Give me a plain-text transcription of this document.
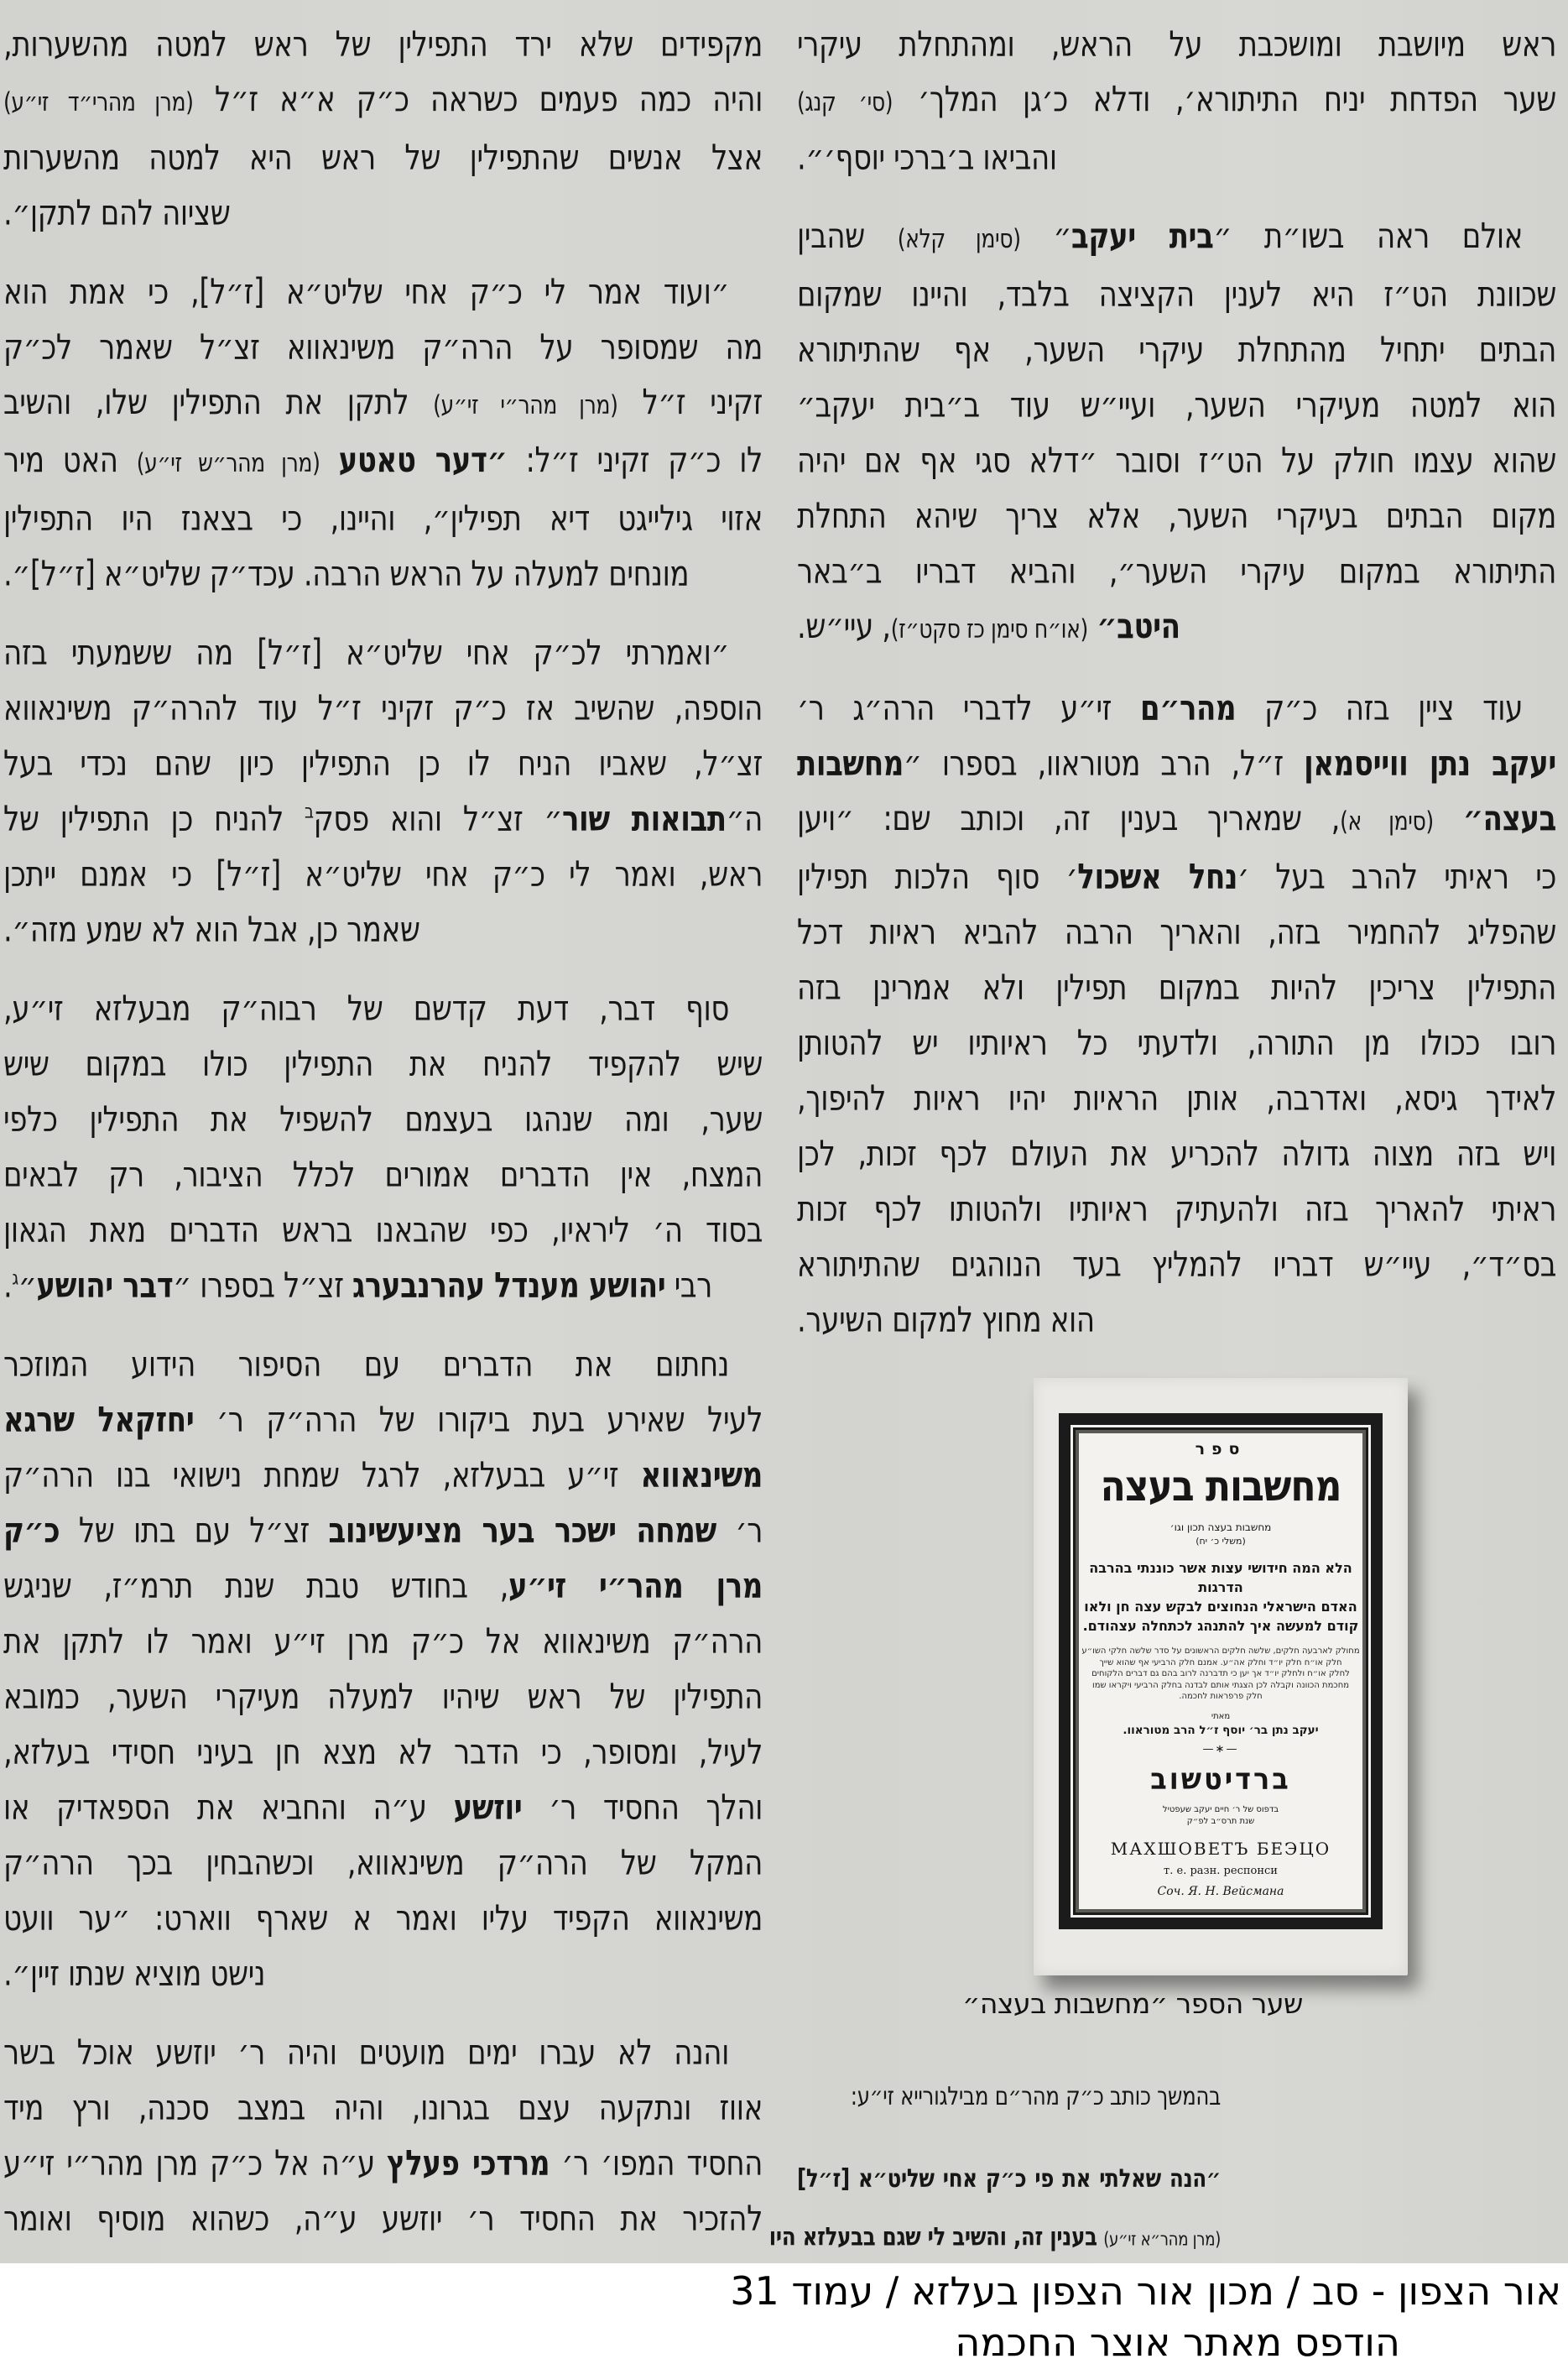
מקפידים שלא ירד התפילין של ראש למטה מהשערות,
והיה כמה פעמים כשראה כ״ק א״א ז״ל (מרן מהרי״ד זי״ע)
אצל אנשים שהתפילין של ראש היא למטה מהשערות
שציוה להם לתקן״.
״ועוד אמר לי כ״ק אחי שליט״א [ז״ל], כי אמת הוא
מה שמסופר על הרה״ק משינאווא זצ״ל שאמר לכ״ק
זקיני ז״ל (מרן מהר״י זי״ע) לתקן את התפילין שלו, והשיב
לו כ״ק זקיני ז״ל: ״דער טאטע (מרן מהר״ש זי״ע) האט מיר
אזוי גילייגט דיא תפילין״, והיינו, כי בצאנז היו התפילין
מונחים למעלה על הראש הרבה. עכד״ק שליט״א [ז״ל]״.
״ואמרתי לכ״ק אחי שליט״א [ז״ל] מה ששמעתי בזה
הוספה, שהשיב אז כ״ק זקיני ז״ל עוד להרה״ק משינאווא
זצ״ל, שאביו הניח לו כן התפילין כיון שהם נכדי בעל
ה״תבואות שור״ זצ״ל והוא פסק$^ב$ להניח כן התפילין של
ראש, ואמר לי כ״ק אחי שליט״א [ז״ל] כי אמנם ייתכן
שאמר כן, אבל הוא לא שמע מזה״.
סוף דבר, דעת קדשם של רבוה״ק מבעלזא זי״ע,
שיש להקפיד להניח את התפילין כולו במקום שיש
שער, ומה שנהגו בעצמם להשפיל את התפילין כלפי
המצח, אין הדברים אמורים לכלל הציבור, רק לבאים
בסוד ה׳ ליראיו, כפי שהבאנו בראש הדברים מאת הגאון
רבי יהושע מענדל עהרנבערג זצ״ל בספרו ״דבר יהושע״$^ג$.
נחתום את הדברים עם הסיפור הידוע המוזכר
לעיל שאירע בעת ביקורו של הרה״ק ר׳ יחזקאל שרגא
משינאווא זי״ע בבעלזא, לרגל שמחת נישואי בנו הרה״ק
ר׳ שמחה ישכר בער מציעשינוב זצ״ל עם בתו של כ״ק
מרן מהר״י זי״ע, בחודש טבת שנת תרמ״ז, שניגש
הרה״ק משינאווא אל כ״ק מרן זי״ע ואמר לו לתקן את
התפילין של ראש שיהיו למעלה מעיקרי השער, כמובא
לעיל, ומסופר, כי הדבר לא מצא חן בעיני חסידי בעלזא,
והלך החסיד ר׳ יוזשע ע״ה והחביא את הספאדיק או
המקל של הרה״ק משינאווא, וכשהבחין בכך הרה״ק
משינאווא הקפיד עליו ואמר א שארף ווארט: ״ער וועט
נישט מוציא שנתו זיין״.
והנה לא עברו ימים מועטים והיה ר׳ יוזשע אוכל בשר
אווז ונתקעה עצם בגרונו, והיה במצב סכנה, ורץ מיד
החסיד המפו׳ ר׳ מרדכי פעלץ ע״ה אל כ״ק מרן מהר״י זי״ע
להזכיר את החסיד ר׳ יוזשע ע״ה, כשהוא מוסיף ואומר
ראש מיושבת ומושכבת על הראש, ומהתחלת עיקרי
שער הפדחת יניח התיתורא׳, ודלא כ׳גן המלך׳ (סי׳ קנג)
והביאו ב׳ברכי יוסף׳״.
אולם ראה בשו״ת ״בית יעקב״ (סימן קלא) שהבין
שכוונת הט״ז היא לענין הקציצה בלבד, והיינו שמקום
הבתים יתחיל מהתחלת עיקרי השער, אף שהתיתורא
הוא למטה מעיקרי השער, ועיי״ש עוד ב״בית יעקב״
שהוא עצמו חולק על הט״ז וסובר ״דלא סגי אף אם יהיה
מקום הבתים בעיקרי השער, אלא צריך שיהא התחלת
התיתורא במקום עיקרי השער״, והביא דבריו ב״באר
היטב״ (או״ח סימן כז סקט״ז), עיי״ש.
עוד ציין בזה כ״ק מהר״ם זי״ע לדברי הרה״ג ר׳
יעקב נתן ווייסמאן ז״ל, הרב מטוראוו, בספרו ״מחשבות
בעצה״ (סימן א), שמאריך בענין זה, וכותב שם: ״ויען
כי ראיתי להרב בעל ׳נחל אשכול׳ סוף הלכות תפילין
שהפליג להחמיר בזה, והאריך הרבה להביא ראיות דכל
התפילין צריכין להיות במקום תפילין ולא אמרינן בזה
רובו ככולו מן התורה, ולדעתי כל ראיותיו יש להטותן
לאידך גיסא, ואדרבה, אותן הראיות יהיו ראיות להיפוך,
ויש בזה מצוה גדולה להכריע את העולם לכף זכות, לכן
ראיתי להאריך בזה ולהעתיק ראיותיו ולהטותו לכף זכות
בס״ד״, עיי״ש דבריו להמליץ בעד הנוהגים שהתיתורא
הוא מחוץ למקום השיער.
ספר
מחשבות בעצה
מחשבות בעצה תכון וגו׳
(משלי כ׳ יח)
הלא המה חידושי עצות אשר כוננתי בהרבה הדרגות
האדם הישראלי הנחוצים לבקש עצה חן ולאו
קודם למעשה איך להתנהג לכתחלה עצהודם.
מחולק לארבעה חלקים, שלשה חלקים הראשונים על סדר שלשה חלקי השו״ע
חלק או״ח חלק יו״ד וחלק אה״ע. אמנם חלק הרביעי אף שהוא שייך
לחלק או״ח ולחלק יו״ד אך יען כי תדברנה לרוב בהם גם דברים הלקוחים
מחכמת הכוונה וקבלה לכן הצגתי אותם לבדנה בחלק הרביעי ויקראו שמו
חלק פרפראות לחכמה.
מאתי
יעקב נתן בר׳ יוסף ז״ל הרב מטוראוו.
—∗—
ברדיטשוב
בדפוס של ר׳ חיים יעקב שעפטיל
שנת תרס״ב לפ״ק
МАХШОВЕТЪ БЕЭЦО
т. е. разн. респонси
Соч. Я. Н. Вейсмана
שער הספר ״מחשבות בעצה״
בהמשך כותב כ״ק מהר״ם מבילגורייא זי״ע:
״הנה שאלתי את פי כ״ק אחי שליט״א [ז״ל]
(מרן מהר״א זי״ע) בענין זה, והשיב לי שגם בבעלזא היו
אור הצפון - סב / מכון אור הצפון בעלזא / עמוד 31
הודפס מאתר אוצר החכמה
